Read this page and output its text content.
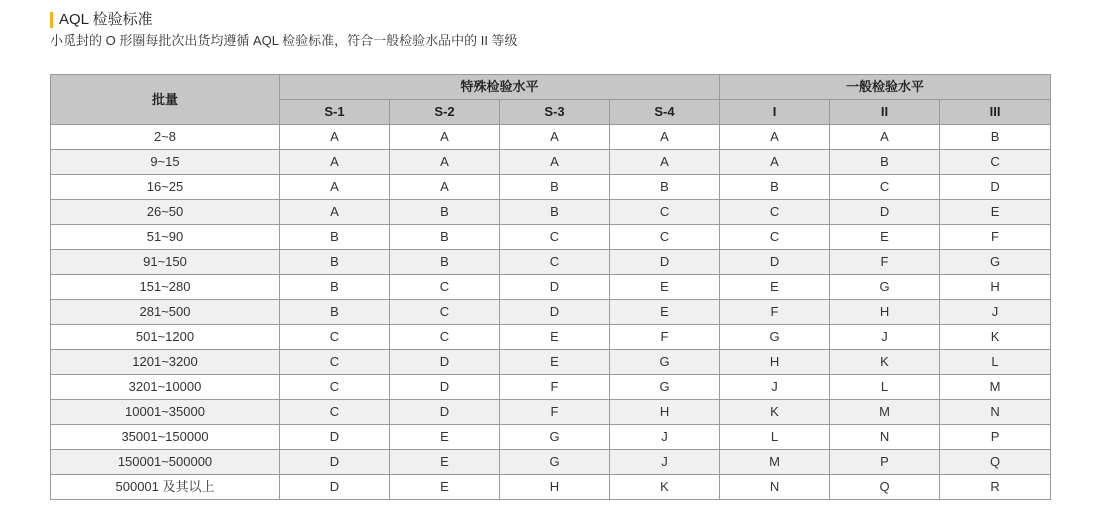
AQL 检验标准
小觅封的 O 形圈每批次出货均遵循 AQL 检验标准，符合一般检验水品中的 II 等级
批量	特殊检验水平				一般检验水平		
	S-1	S-2	S-3	S-4	I	II	III
2~8	A	A	A	A	A	A	B
9~15	A	A	A	A	A	B	C
16~25	A	A	B	B	B	C	D
26~50	A	B	B	C	C	D	E
51~90	B	B	C	C	C	E	F
91~150	B	B	C	D	D	F	G
151~280	B	C	D	E	E	G	H
281~500	B	C	D	E	F	H	J
501~1200	C	C	E	F	G	J	K
1201~3200	C	D	E	G	H	K	L
3201~10000	C	D	F	G	J	L	M
10001~35000	C	D	F	H	K	M	N
35001~150000	D	E	G	J	L	N	P
150001~500000	D	E	G	J	M	P	Q
500001 及其以上	D	E	H	K	N	Q	R
